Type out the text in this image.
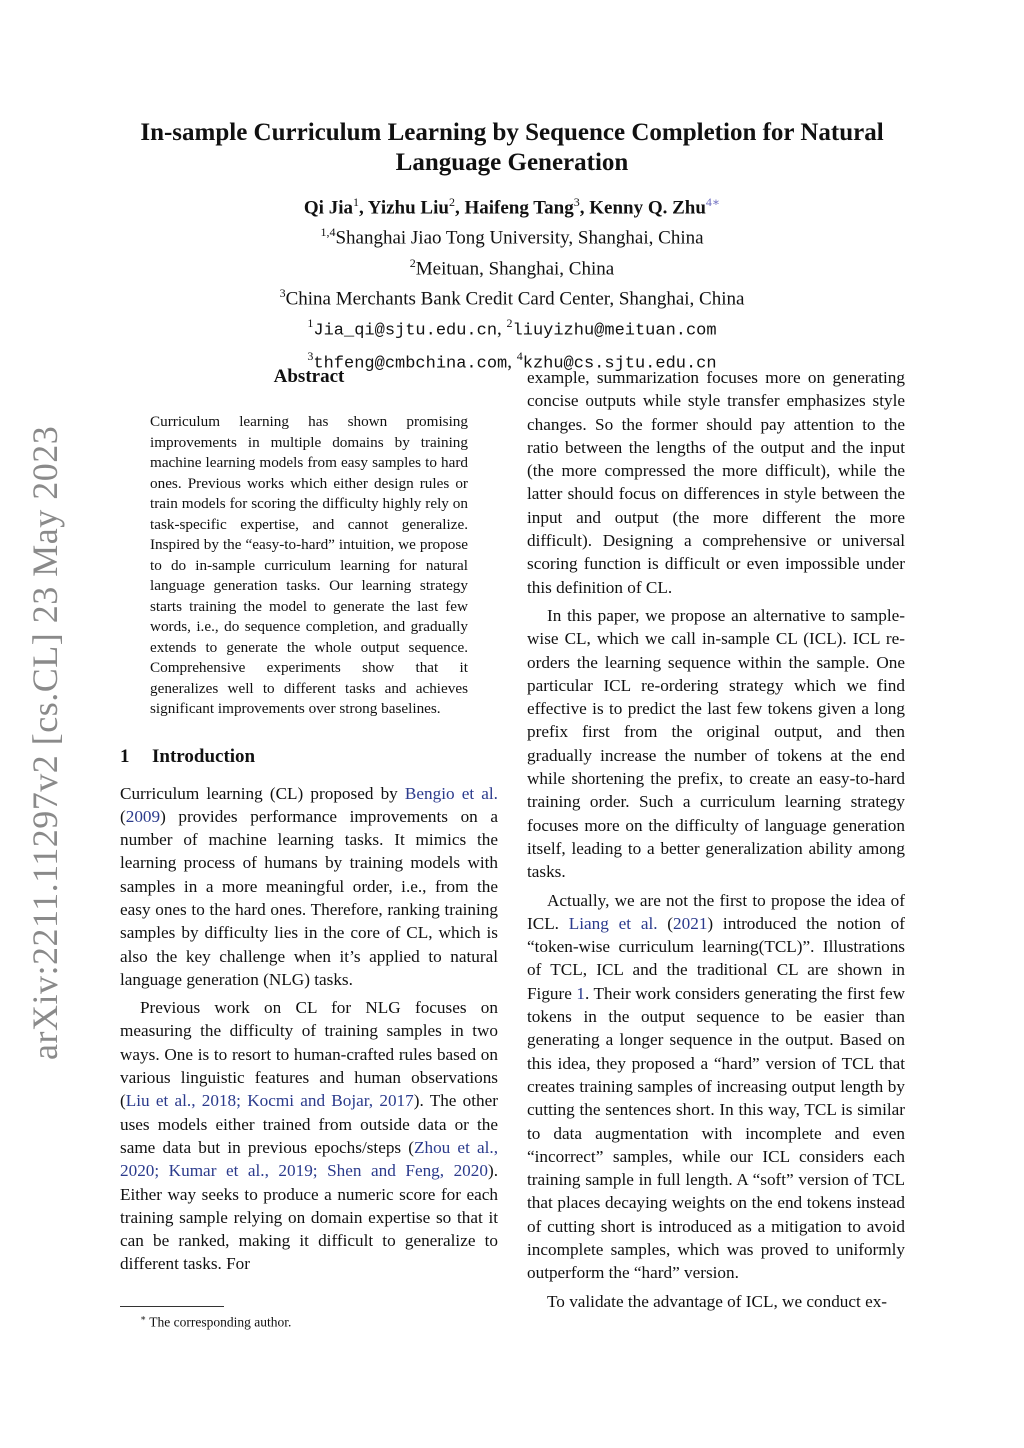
arXiv:2211.11297v2 [cs.CL] 23 May 2023
In-sample Curriculum Learning by Sequence Completion for Natural Language Generation
Qi Jia$^1$, Yizhu Liu$^2$, Haifeng Tang$^3$, Kenny Q. Zhu$^{4∗}$
$^{1,4}$Shanghai Jiao Tong University, Shanghai, China
$^2$Meituan, Shanghai, China
$^3$China Merchants Bank Credit Card Center, Shanghai, China
$^1$Jia_qi@sjtu.edu.cn, $^2$liuyizhu@meituan.com
$^3$thfeng@cmbchina.com, $^4$kzhu@cs.sjtu.edu.cn
Abstract
Curriculum learning has shown promising improvements in multiple domains by training machine learning models from easy samples to hard ones. Previous works which either design rules or train models for scoring the difficulty highly rely on task-specific expertise, and cannot generalize. Inspired by the “easy-to-hard” intuition, we propose to do in-sample curriculum learning for natural language generation tasks. Our learning strategy starts training the model to generate the last few words, i.e., do sequence completion, and gradually extends to generate the whole output sequence. Comprehensive experiments show that it generalizes well to different tasks and achieves significant improvements over strong baselines.
1 Introduction

Curriculum learning (CL) proposed by Bengio et al. (2009) provides performance improvements on a number of machine learning tasks. It mimics the learning process of humans by training models with samples in a more meaningful order, i.e., from the easy ones to the hard ones. Therefore, ranking training samples by difficulty lies in the core of CL, which is also the key challenge when it’s applied to natural language generation (NLG) tasks.

Previous work on CL for NLG focuses on measuring the difficulty of training samples in two ways. One is to resort to human-crafted rules based on various linguistic features and human observations (Liu et al., 2018; Kocmi and Bojar, 2017). The other uses models either trained from outside data or the same data but in previous epochs/steps (Zhou et al., 2020; Kumar et al., 2019; Shen and Feng, 2020). Either way seeks to produce a numeric score for each training sample relying on domain expertise so that it can be ranked, making it difficult to generalize to different tasks. For

example, summarization focuses more on generating concise outputs while style transfer emphasizes style changes. So the former should pay attention to the ratio between the lengths of the output and the input (the more compressed the more difficult), while the latter should focus on differences in style between the input and output (the more different the more difficult). Designing a comprehensive or universal scoring function is difficult or even impossible under this definition of CL.

In this paper, we propose an alternative to sample-wise CL, which we call in-sample CL (ICL). ICL re-orders the learning sequence within the sample. One particular ICL re-ordering strategy which we find effective is to predict the last few tokens given a long prefix first from the original output, and then gradually increase the number of tokens at the end while shortening the prefix, to create an easy-to-hard training order. Such a curriculum learning strategy focuses more on the difficulty of language generation itself, leading to a better generalization ability among tasks.

Actually, we are not the first to propose the idea of ICL. Liang et al. (2021) introduced the notion of “token-wise curriculum learning(TCL)”. Illustrations of TCL, ICL and the traditional CL are shown in Figure 1. Their work considers generating the first few tokens in the output sequence to be easier than generating a longer sequence in the output. Based on this idea, they proposed a “hard” version of TCL that creates training samples of increasing output length by cutting the sentences short. In this way, TCL is similar to data augmentation with incomplete and even “incorrect” samples, while our ICL considers each training sample in full length. A “soft” version of TCL that places decaying weights on the end tokens instead of cutting short is introduced as a mitigation to avoid incomplete samples, which was proved to uniformly outperform the “hard” version.

To validate the advantage of ICL, we conduct ex-

∗ The corresponding author.
